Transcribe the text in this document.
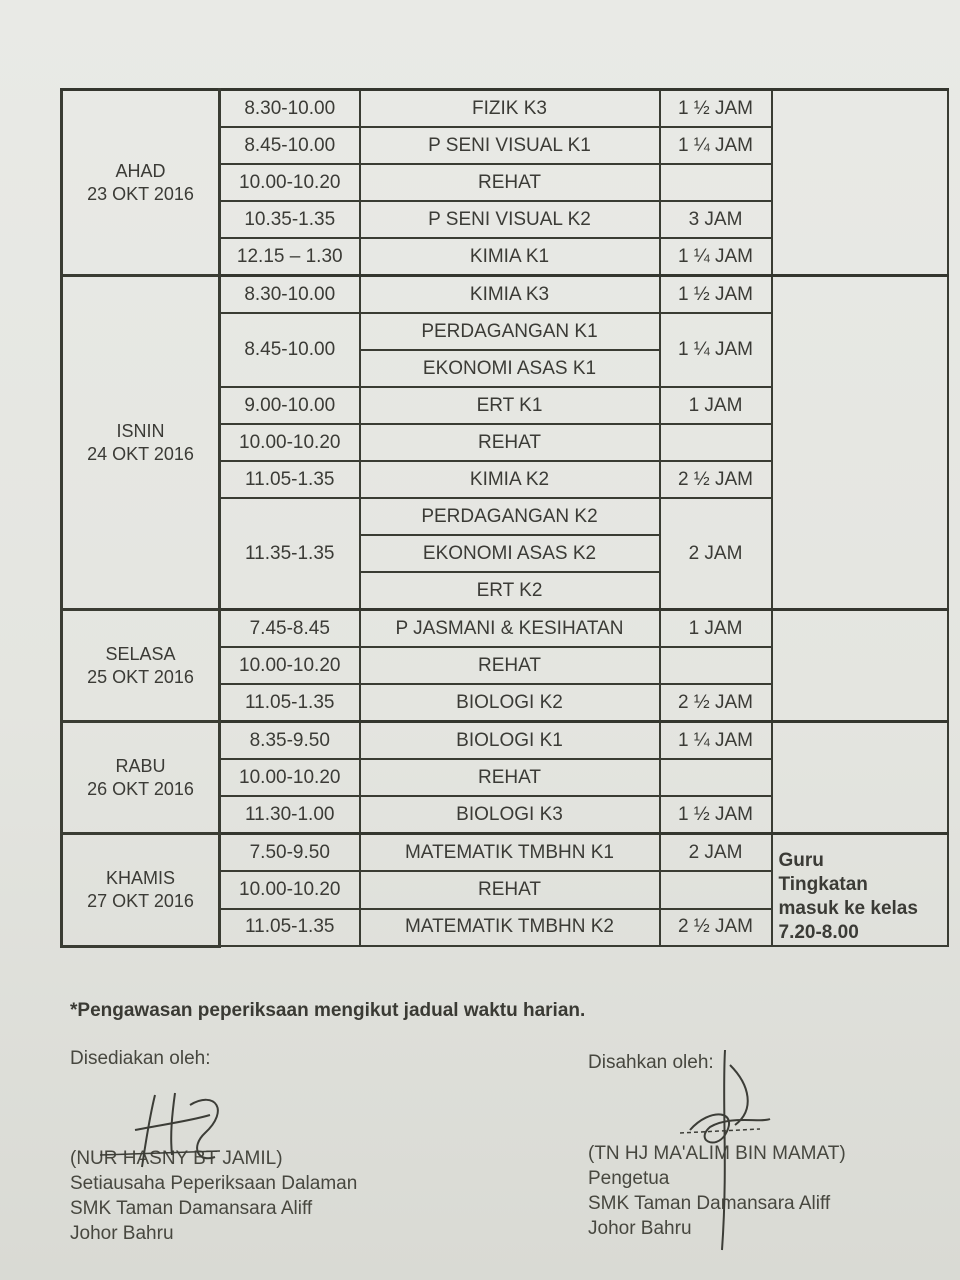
AHAD
23 OKT 2016	8.30-10.00	FIZIK K3	1 ½ JAM	
	8.45-10.00	P SENI VISUAL K1	1 ¼ JAM	
	10.00-10.20	REHAT		
	10.35-1.35	P SENI VISUAL K2	3 JAM	
	12.15 – 1.30	KIMIA K1	1 ¼ JAM	

ISNIN
24 OKT 2016	8.30-10.00	KIMIA K3	1 ½ JAM	
	8.45-10.00	PERDAGANGAN K1	1 ¼ JAM	
		EKONOMI ASAS K1		
	9.00-10.00	ERT K1	1 JAM	
	10.00-10.20	REHAT		
	11.05-1.35	KIMIA K2	2 ½ JAM	
	11.35-1.35	PERDAGANGAN K2	2 JAM	
		EKONOMI ASAS K2		
		ERT K2		

SELASA
25 OKT 2016	7.45-8.45	P JASMANI & KESIHATAN	1 JAM	
	10.00-10.20	REHAT		
	11.05-1.35	BIOLOGI K2	2 ½ JAM	

RABU
26 OKT 2016	8.35-9.50	BIOLOGI K1	1 ¼ JAM	
	10.00-10.20	REHAT		
	11.30-1.00	BIOLOGI K3	1 ½ JAM	

KHAMIS
27 OKT 2016	7.50-9.50	MATEMATIK TMBHN K1	2 JAM	Guru
Tingkatan
masuk ke kelas
7.20-8.00

	10.00-10.20	REHAT		
	11.05-1.35	MATEMATIK TMBHN K2	2 ½ JAM	
*Pengawasan peperiksaan mengikut jadual waktu harian.
Disediakan oleh:
(NUR HASNY BT JAMIL)
Setiausaha Peperiksaan Dalaman
SMK Taman Damansara Aliff
Johor Bahru
Disahkan oleh:
(TN HJ MA'ALIM BIN MAMAT)
Pengetua
SMK Taman Damansara Aliff
Johor Bahru
